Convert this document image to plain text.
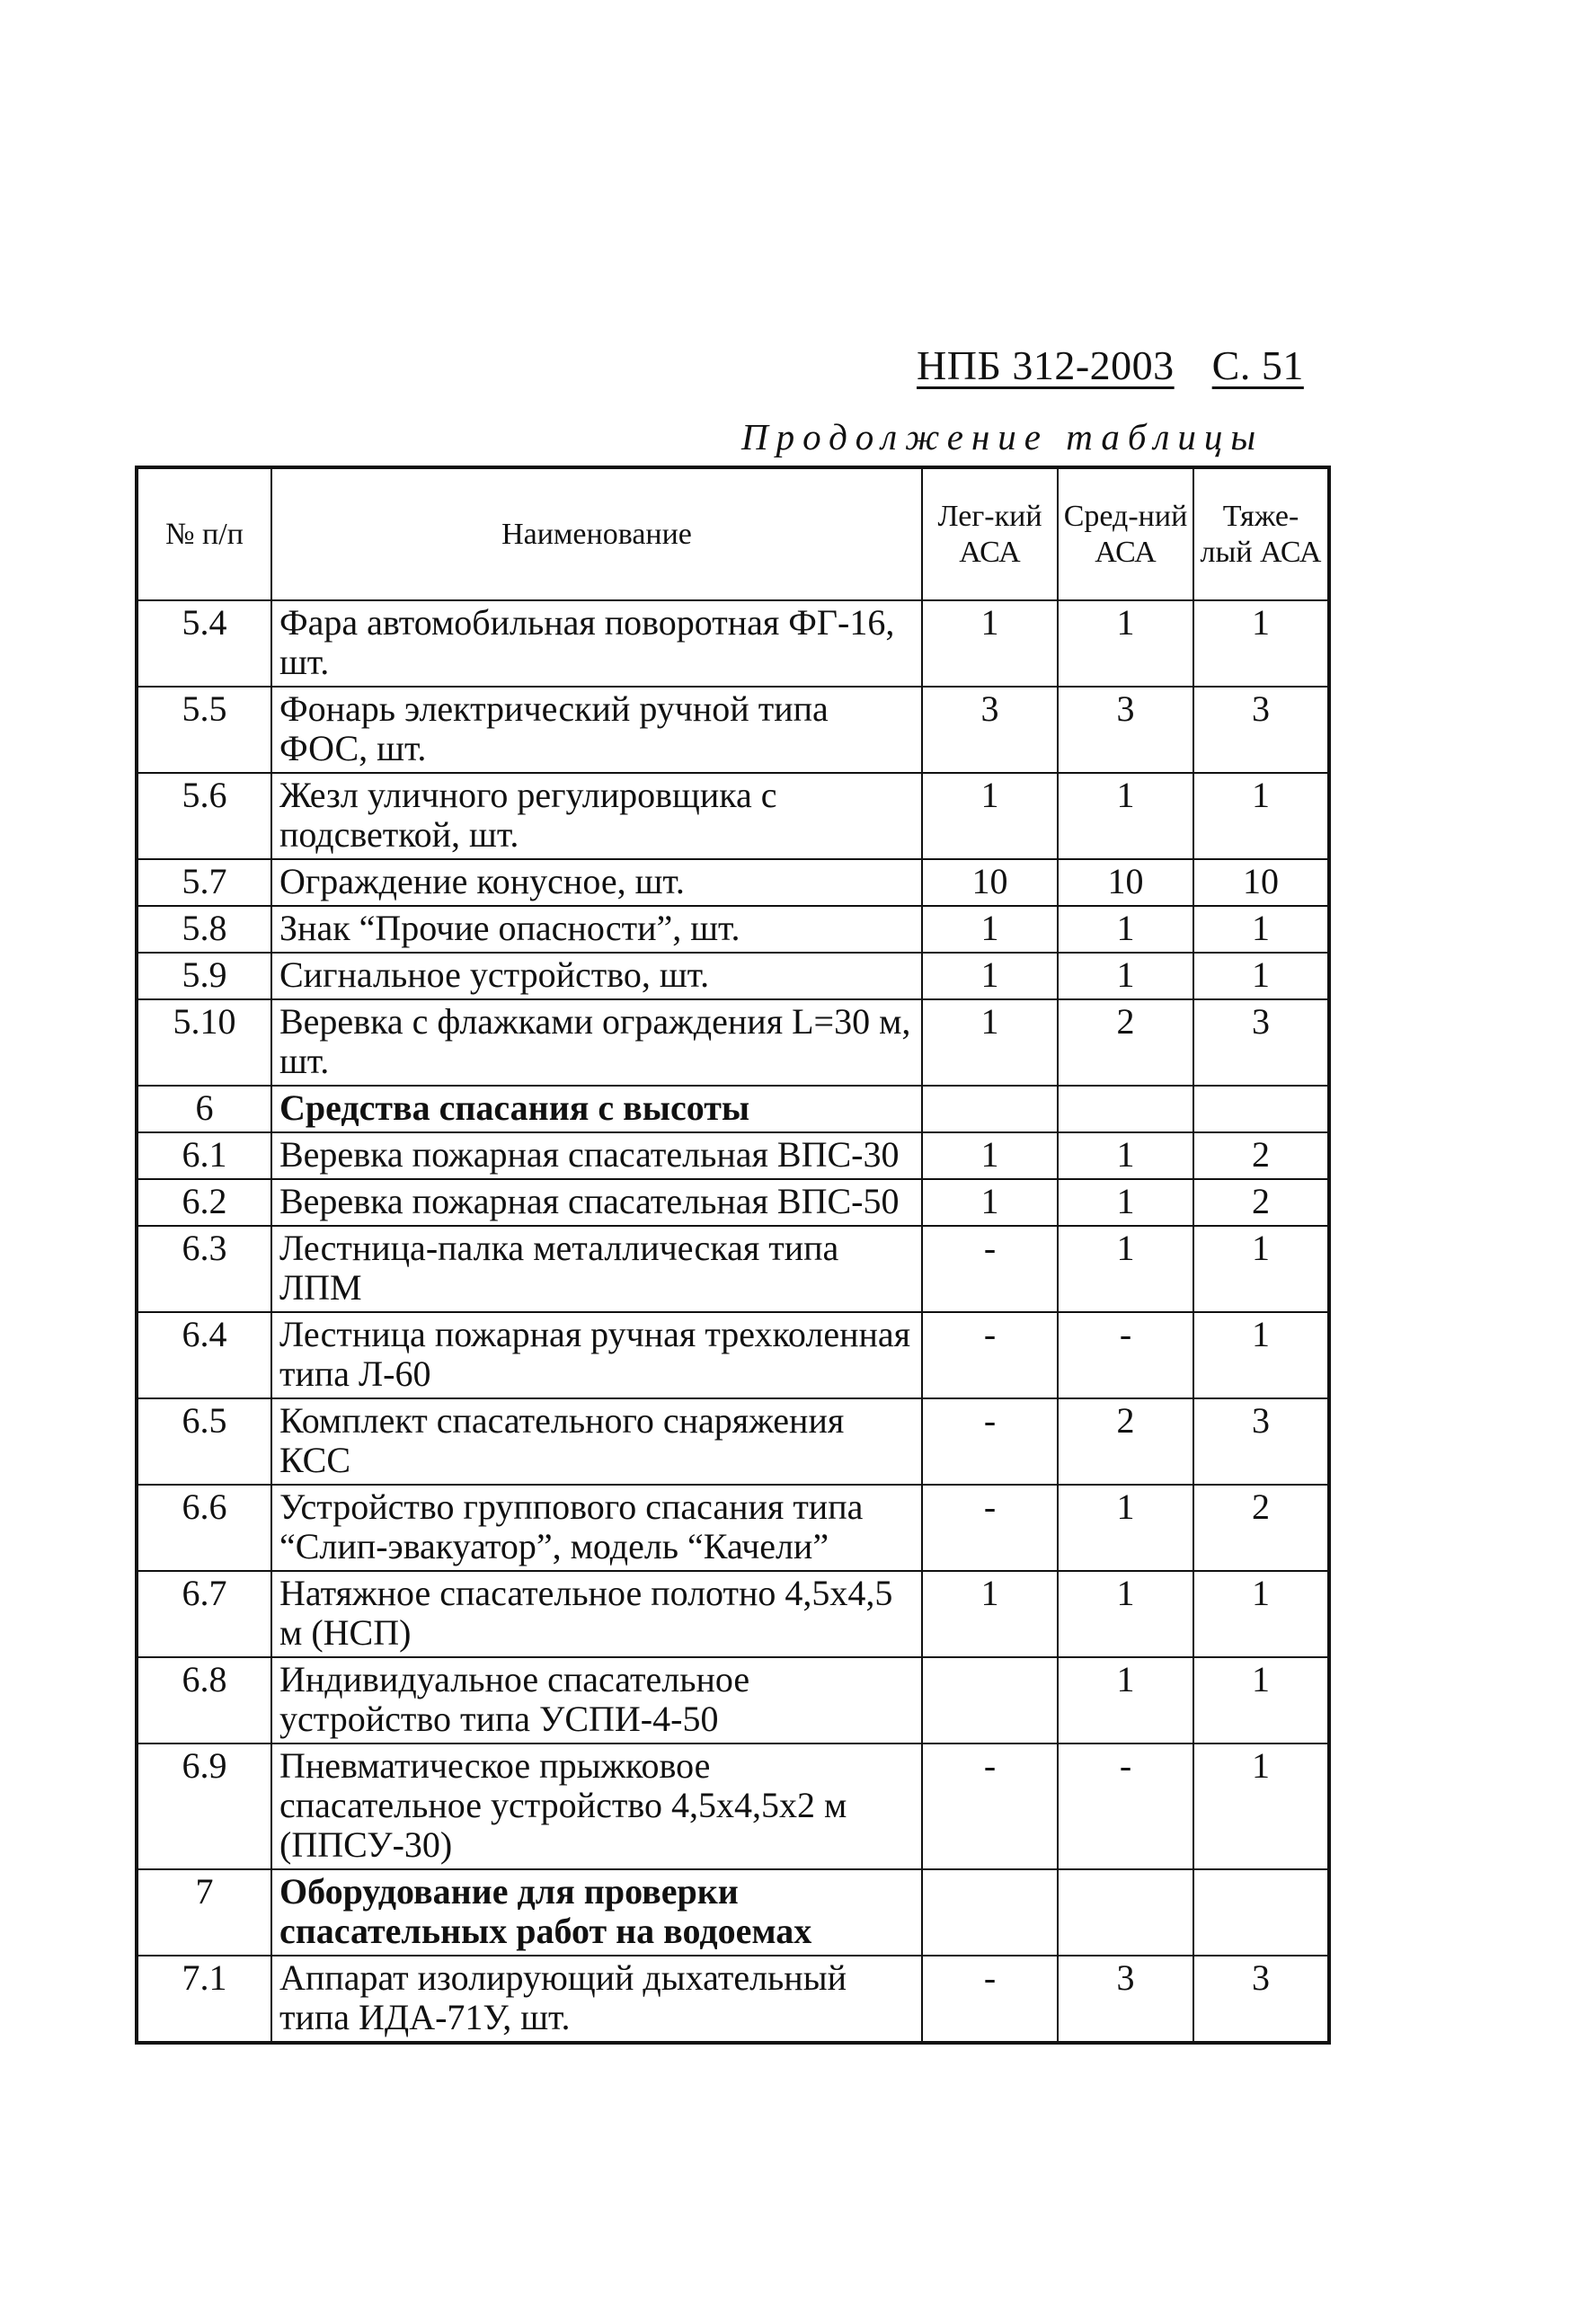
НПБ 312-2003 С. 51
Продолжение таблицы
№ п/п	Наименование	Лег-кий АСА	Сред-ний АСА	Тяже-лый АСА
5.4	Фара автомобильная поворотная ФГ-16, шт.	1	1	1
5.5	Фонарь электрический ручной типа ФОС, шт.	3	3	3
5.6	Жезл уличного регулировщика с подсветкой, шт.	1	1	1
5.7	Ограждение конусное, шт.	10	10	10
5.8	Знак “Прочие опасности”, шт.	1	1	1
5.9	Сигнальное устройство, шт.	1	1	1
5.10	Веревка с флажками ограждения L=30 м, шт.	1	2	3
6	Средства спасания с высоты			
6.1	Веревка пожарная спасательная ВПС-30	1	1	2
6.2	Веревка пожарная спасательная ВПС-50	1	1	2
6.3	Лестница-палка металлическая типа ЛПМ	-	1	1
6.4	Лестница пожарная ручная трехколенная типа Л-60	-	-	1
6.5	Комплект спасательного снаряжения КСС	-	2	3
6.6	Устройство группового спасания типа “Слип-эвакуатор”, модель “Качели”	-	1	2
6.7	Натяжное спасательное полотно 4,5х4,5 м (НСП)	1	1	1
6.8	Индивидуальное спасательное устройство типа УСПИ-4-50		1	1
6.9	Пневматическое прыжковое спасательное устройство 4,5х4,5х2 м (ППСУ-30)	-	-	1
7	Оборудование для проверки спасательных работ на водоемах			
7.1	Аппарат изолирующий дыхательный типа ИДА-71У, шт.	-	3	3
